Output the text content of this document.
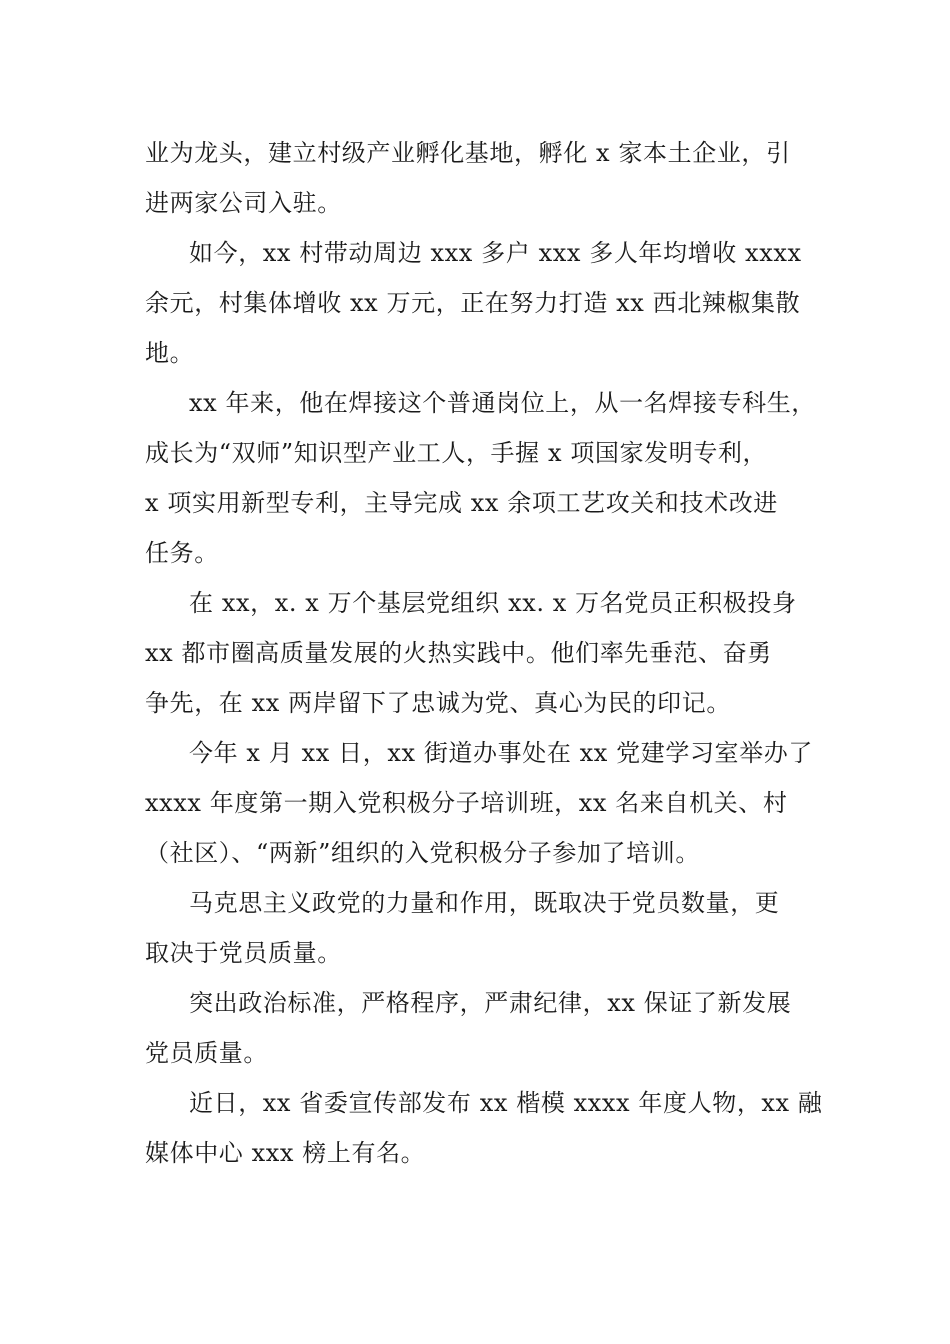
业为龙头，建立村级产业孵化基地，孵化 x 家本土企业，引
进两家公司入驻。
如今，xx 村带动周边 xxx 多户 xxx 多人年均增收 xxxx
余元，村集体增收 xx 万元，正在努力打造 xx 西北辣椒集散
地。
xx 年来，他在焊接这个普通岗位上，从一名焊接专科生，
成长为“双师”知识型产业工人，手握 x 项国家发明专利，
x 项实用新型专利，主导完成 xx 余项工艺攻关和技术改进
任务。
在 xx，x. x 万个基层党组织 xx. x 万名党员正积极投身
xx 都市圈高质量发展的火热实践中。他们率先垂范、奋勇
争先，在 xx 两岸留下了忠诚为党、真心为民的印记。
今年 x 月 xx 日，xx 街道办事处在 xx 党建学习室举办了
xxxx 年度第一期入党积极分子培训班，xx 名来自机关、村
（社区）、“两新”组织的入党积极分子参加了培训。
马克思主义政党的力量和作用，既取决于党员数量，更
取决于党员质量。
突出政治标准，严格程序，严肃纪律，xx 保证了新发展
党员质量。
近日，xx 省委宣传部发布 xx 楷模 xxxx 年度人物，xx 融
媒体中心 xxx 榜上有名。
